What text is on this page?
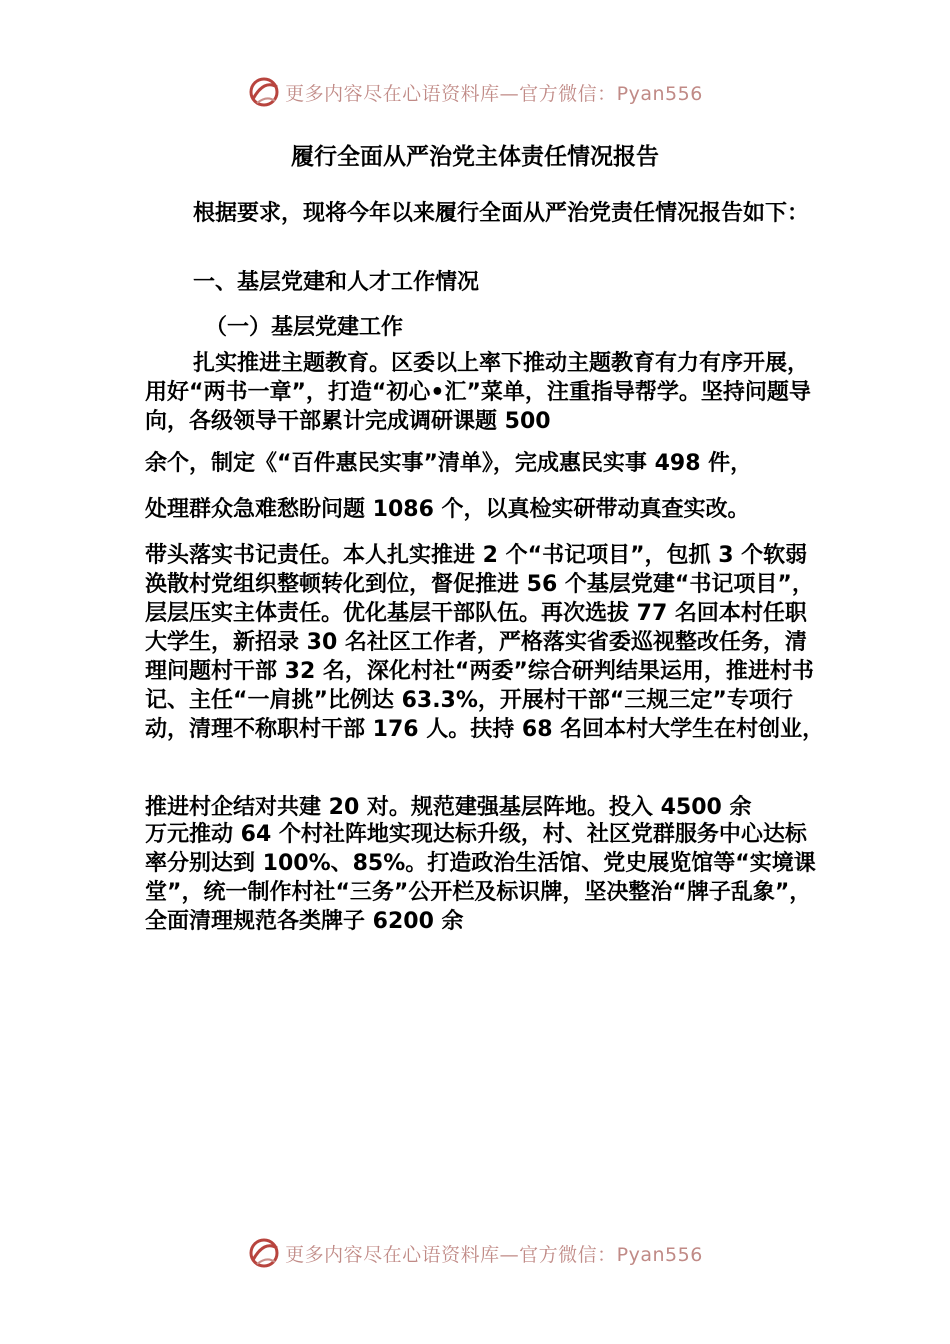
更多内容尽在心语资料库—官方微信：Pyan556
履行全面从严治党主体责任情况报告

根据要求，现将今年以来履行全面从严治党责任情况报告如下：

一、基层党建和人才工作情况

（一）基层党建工作

扎实推进主题教育。区委以上率下推动主题教育有力有序开展，用好“两书一章”，打造“初心•汇”菜单，注重指导帮学。坚持问题导向，各级领导干部累计完成调研课题 500

余个，制定《“百件惠民实事”清单》，完成惠民实事 498 件，
处理群众急难愁盼问题 1086 个，以真检实研带动真查实改。

带头落实书记责任。本人扎实推进 2 个“书记项目”，包抓 3 个软弱涣散村党组织整顿转化到位，督促推进 56 个基层党建“书记项目”，层层压实主体责任。优化基层干部队伍。再次选拔 77 名回本村任职大学生，新招录 30 名社区工作者，严格落实省委巡视整改任务，清理问题村干部 32 名，深化村社“两委”综合研判结果运用，推进村书记、主任“一肩挑”比例达 63.3%，开展村干部“三规三定”专项行动，清理不称职村干部 176 人。扶持 68 名回本村大学生在村创业，

推进村企结对共建 20 对。规范建强基层阵地。投入 4500 余

万元推动 64 个村社阵地实现达标升级，村、社区党群服务中心达标率分别达到 100%、85%。打造政治生活馆、党史展览馆等“实境课堂”，统一制作村社“三务”公开栏及标识牌，坚决整治“牌子乱象”，全面清理规范各类牌子 6200 余

更多内容尽在心语资料库—官方微信：Pyan556
